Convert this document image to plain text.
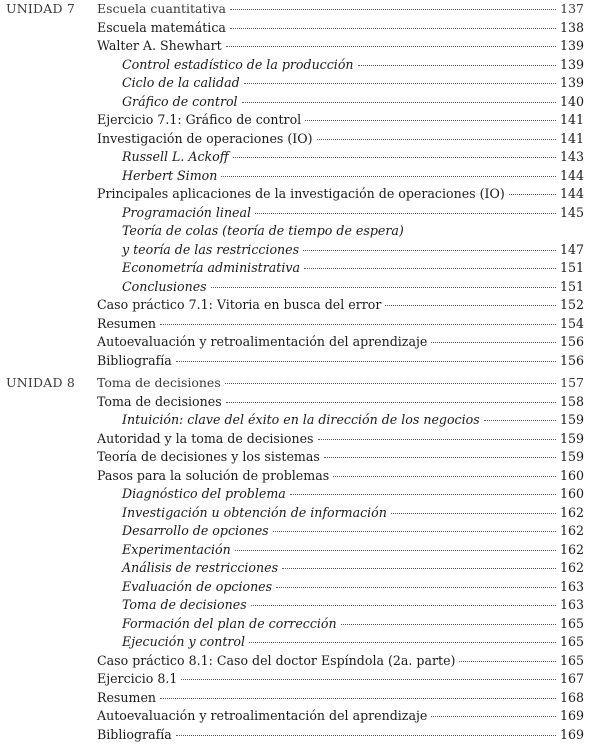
UNIDAD 7 Escuela cuantitativa	137
Escuela matemática	138
Walter A. Shewhart	139
Control estadístico de la producción	139
Ciclo de la calidad	139
Gráfico de control	140
Ejercicio 7.1: Gráfico de control	141
Investigación de operaciones (IO)	141
Russell L. Ackoff	143
Herbert Simon	144
Principales aplicaciones de la investigación de operaciones (IO)	144
Programación lineal	145
Teoría de colas (teoría de tiempo de espera)
y teoría de las restricciones	147
Econometría administrativa	151
Conclusiones	151
Caso práctico 7.1: Vitoria en busca del error	152
Resumen	154
Autoevaluación y retroalimentación del aprendizaje	156
Bibliografía	156
UNIDAD 8 Toma de decisiones	157
Toma de decisiones	158
Intuición: clave del éxito en la dirección de los negocios	159
Autoridad y la toma de decisiones	159
Teoría de decisiones y los sistemas	159
Pasos para la solución de problemas	160
Diagnóstico del problema	160
Investigación u obtención de información	162
Desarrollo de opciones	162
Experimentación	162
Análisis de restricciones	162
Evaluación de opciones	163
Toma de decisiones	163
Formación del plan de corrección	165
Ejecución y control	165
Caso práctico 8.1: Caso del doctor Espíndola (2a. parte)	165
Ejercicio 8.1	167
Resumen	168
Autoevaluación y retroalimentación del aprendizaje	169
Bibliografía	169
